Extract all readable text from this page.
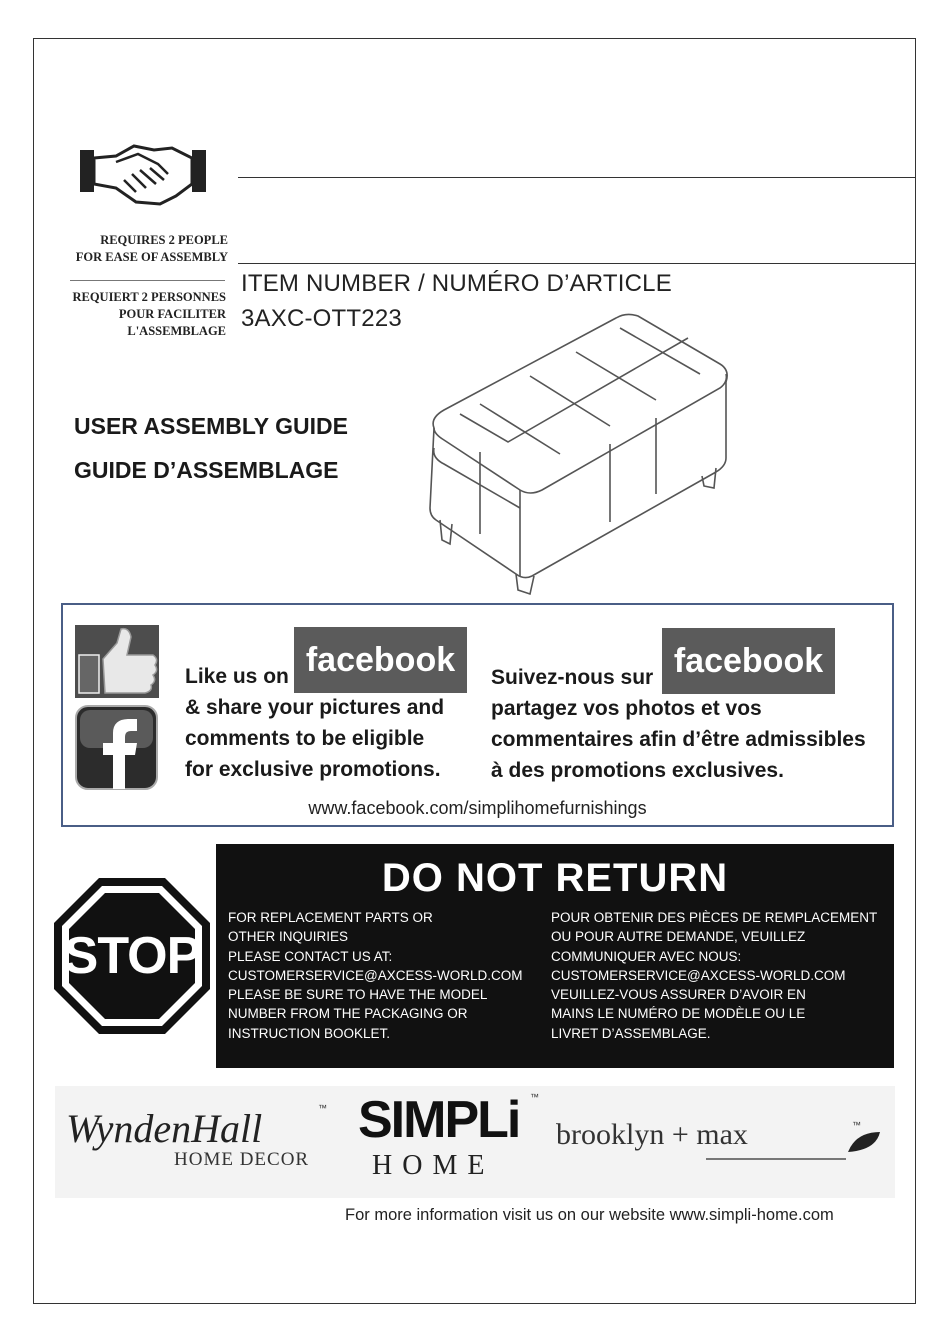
REQUIRES 2 PEOPLE
FOR EASE OF ASSEMBLY
REQUIERT 2 PERSONNES
POUR FACILITER
L'ASSEMBLAGE
ITEM NUMBER / NUMÉRO D’ARTICLE
3AXC-OTT223
USER ASSEMBLY GUIDE
GUIDE D’ASSEMBLAGE
facebook	facebook
Like us on
& share your pictures and
comments to be eligible
for exclusive promotions.
Suivez-nous sur
partagez vos photos et vos
commentaires afin d’être admissibles
à des promotions exclusives.
www.facebook.com/simplihomefurnishings
STOP
DO NOT RETURN
FOR REPLACEMENT PARTS OR
OTHER INQUIRIES
PLEASE CONTACT US AT:
CUSTOMERSERVICE@AXCESS-WORLD.COM
PLEASE BE SURE TO HAVE THE MODEL
NUMBER FROM THE PACKAGING OR
INSTRUCTION BOOKLET.
POUR OBTENIR DES PIÈCES DE REMPLACEMENT
OU POUR AUTRE DEMANDE, VEUILLEZ
COMMUNIQUER AVEC NOUS:
CUSTOMERSERVICE@AXCESS-WORLD.COM
VEUILLEZ-VOUS ASSURER D’AVOIR EN
MAINS LE NUMÉRO DE MODÈLE OU LE
LIVRET D’ASSEMBLAGE.
WyndenHall	™
HOME DECOR
SIMPLi ™
HOME
brooklyn + max	™
For more information visit us on our website www.simpli-home.com
